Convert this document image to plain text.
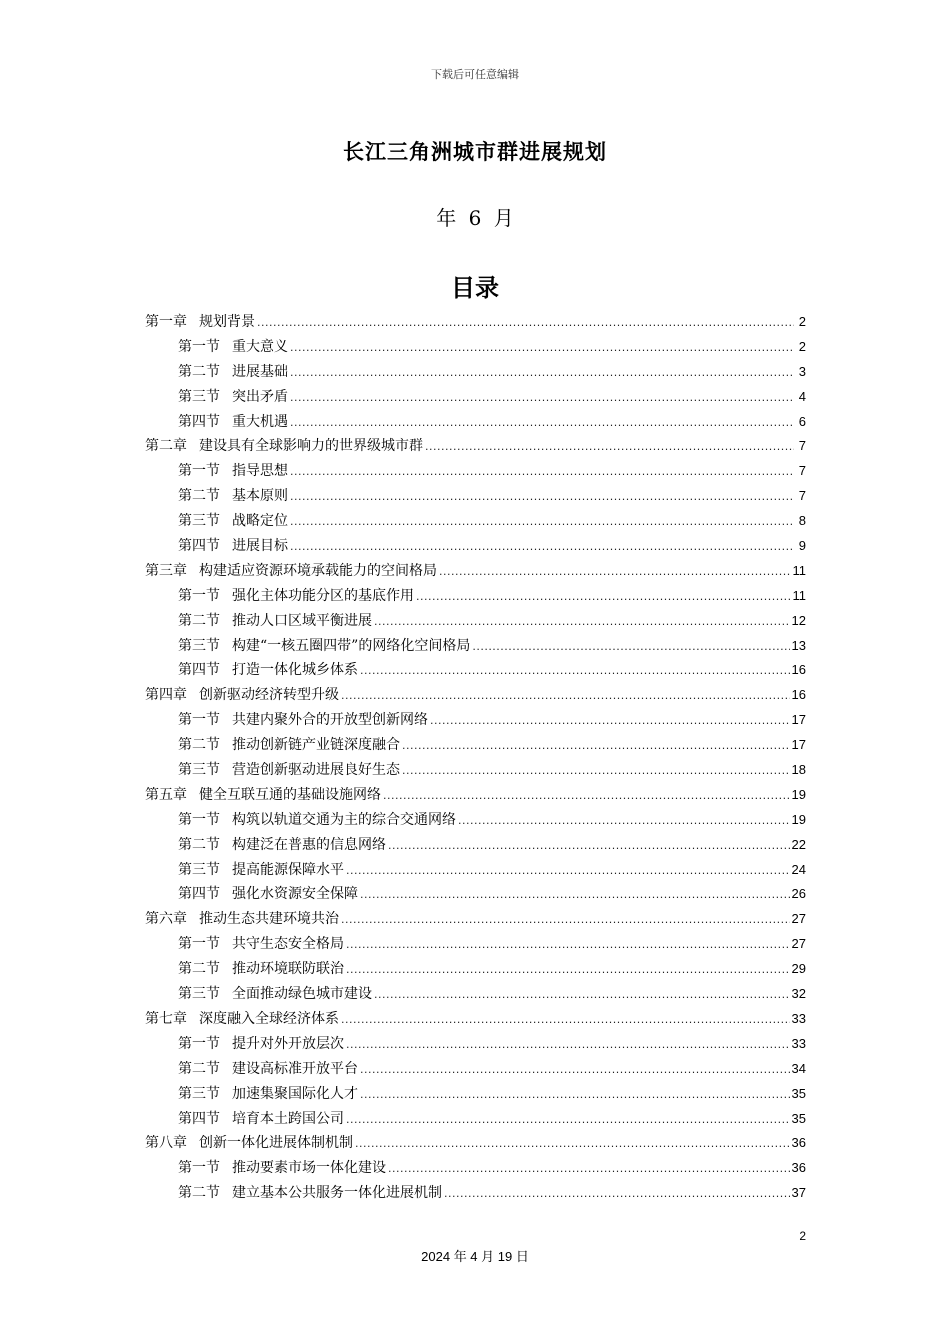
下载后可任意编辑
长江三角洲城市群进展规划
年 6 月
目录
第一章 规划背景 .....	2
第一节 重大意义 .....	2
第二节 进展基础 .....	3
第三节 突出矛盾 .....	4
第四节 重大机遇 .....	6
第二章 建设具有全球影响力的世界级城市群 .....	7
第一节 指导思想 .....	7
第二节 基本原则 .....	7
第三节 战略定位 .....	8
第四节 进展目标 .....	9
第三章 构建适应资源环境承载能力的空间格局 .....	11
第一节 强化主体功能分区的基底作用 .....	11
第二节 推动人口区域平衡进展 .....	12
第三节 构建“一核五圈四带”的网络化空间格局 .....	13
第四节 打造一体化城乡体系 .....	16
第四章 创新驱动经济转型升级 .....	16
第一节 共建内聚外合的开放型创新网络 .....	17
第二节 推动创新链产业链深度融合 .....	17
第三节 营造创新驱动进展良好生态 .....	18
第五章 健全互联互通的基础设施网络 .....	19
第一节 构筑以轨道交通为主的综合交通网络 .....	19
第二节 构建泛在普惠的信息网络 .....	22
第三节 提高能源保障水平 .....	24
第四节 强化水资源安全保障 .....	26
第六章 推动生态共建环境共治 .....	27
第一节 共守生态安全格局 .....	27
第二节 推动环境联防联治 .....	29
第三节 全面推动绿色城市建设 .....	32
第七章 深度融入全球经济体系 .....	33
第一节 提升对外开放层次 .....	33
第二节 建设高标准开放平台 .....	34
第三节 加速集聚国际化人才 .....	35
第四节 培育本土跨国公司 .....	35
第八章 创新一体化进展体制机制 .....	36
第一节 推动要素市场一体化建设 .....	36
第二节 建立基本公共服务一体化进展机制 .....	37
2
2024 年 4 月 19 日
